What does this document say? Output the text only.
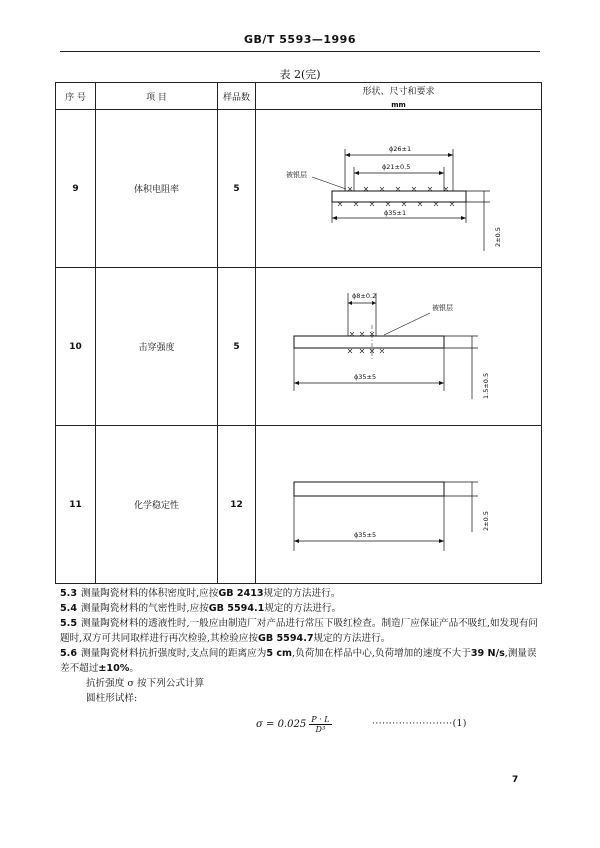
GB/T 5593—1996
表 2(完)
序 号	项 目	样品数	形状、尺寸和要求
mm

9	体积电阻率	5	ϕ26±1
ϕ21±0.5
被银层
ϕ35±1
2±0.5

10	击穿强度	5	ϕ8±0.2
被银层
ϕ35±5 1.5±0.5

11	化学稳定性	12	ϕ35±5
2±0.5

5.3 测量陶瓷材料的体积密度时,应按GB 2413规定的方法进行。

5.4 测量陶瓷材料的气密性时,应按GB 5594.1规定的方法进行。

5.5 测量陶瓷材料的透液性时,一般应由制造厂对产品进行常压下吸红检查。制造厂应保证产品不吸红,如发现有问题时,双方可共同取样进行再次检验,其检验应按GB 5594.7规定的方法进行。

5.6 测量陶瓷材料抗折强度时,支点间的距离应为5 cm,负荷加在样品中心,负荷增加的速度不大于39 N/s,测量误差不超过±10%。

抗折强度 σ 按下列公式计算

圆柱形试样:

$\sigma = 0.025 \frac{P \cdot L}{\text{D³}}$	························(1)
7
